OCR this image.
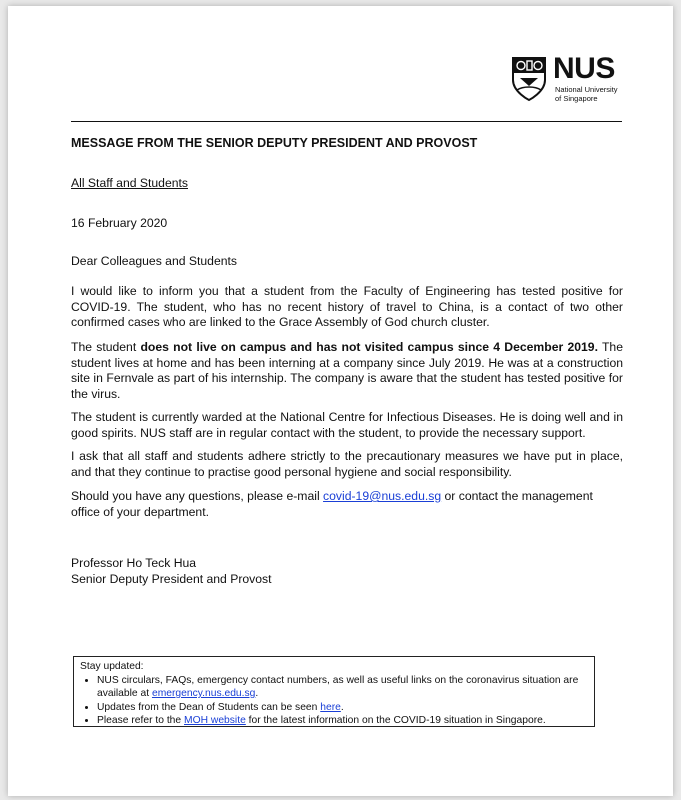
NUS
National University
of Singapore
MESSAGE FROM THE SENIOR DEPUTY PRESIDENT AND PROVOST
All Staff and Students
16 February 2020
Dear Colleagues and Students
I would like to inform you that a student from the Faculty of Engineering has tested positive for COVID-19. The student, who has no recent history of travel to China, is a contact of two other confirmed cases who are linked to the Grace Assembly of God church cluster.
The student does not live on campus and has not visited campus since 4 December 2019. The student lives at home and has been interning at a company since July 2019. He was at a construction site in Fernvale as part of his internship. The company is aware that the student has tested positive for the virus.
The student is currently warded at the National Centre for Infectious Diseases. He is doing well and in good spirits. NUS staff are in regular contact with the student, to provide the necessary support.
I ask that all staff and students adhere strictly to the precautionary measures we have put in place, and that they continue to practise good personal hygiene and social responsibility.
Should you have any questions, please e-mail covid-19@nus.edu.sg or contact the management office of your department.
Professor Ho Teck Hua
Senior Deputy President and Provost
Stay updated:
• NUS circulars, FAQs, emergency contact numbers, as well as useful links on the coronavirus situation are available at emergency.nus.edu.sg.
• Updates from the Dean of Students can be seen here.
• Please refer to the MOH website for the latest information on the COVID-19 situation in Singapore.
